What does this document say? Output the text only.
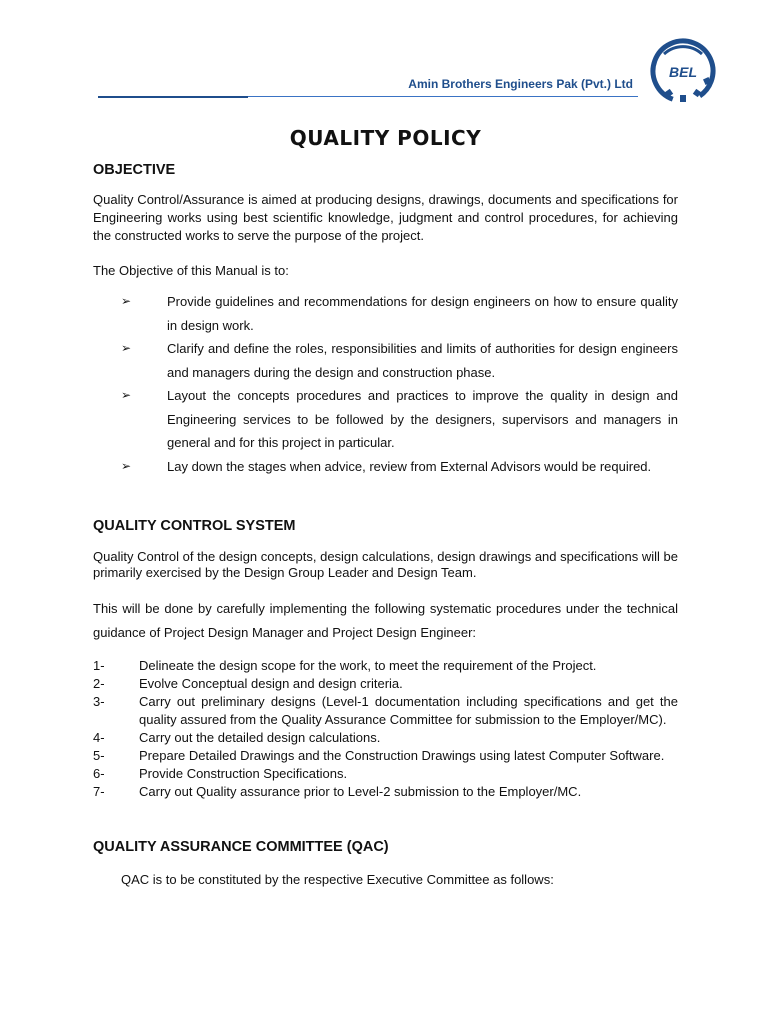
Amin Brothers Engineers Pak (Pvt.) Ltd
BEL
QUALITY POLICY
OBJECTIVE

Quality Control/Assurance is aimed at producing designs, drawings, documents and specifications for Engineering works using best scientific knowledge, judgment and control procedures, for achieving the constructed works to serve the purpose of the project.

The Objective of this Manual is to:

➢	Provide guidelines and recommendations for design engineers on how to ensure quality in design work.
➢	Clarify and define the roles, responsibilities and limits of authorities for design engineers and managers during the design and construction phase.
➢	Layout the concepts procedures and practices to improve the quality in design and Engineering services to be followed by the designers, supervisors and managers in general and for this project in particular.
➢	Lay down the stages when advice, review from External Advisors would be required.
QUALITY CONTROL SYSTEM

Quality Control of the design concepts, design calculations, design drawings and specifications will be primarily exercised by the Design Group Leader and Design Team.

This will be done by carefully implementing the following systematic procedures under the technical guidance of Project Design Manager and Project Design Engineer:

1-	Delineate the design scope for the work, to meet the requirement of the Project.
2-	Evolve Conceptual design and design criteria.
3-	Carry out preliminary designs (Level-1 documentation including specifications and get the quality assured from the Quality Assurance Committee for submission to the Employer/MC).
4-	Carry out the detailed design calculations.
5-	Prepare Detailed Drawings and the Construction Drawings using latest Computer Software.
6-	Provide Construction Specifications.
7-	Carry out Quality assurance prior to Level-2 submission to the Employer/MC.
QUALITY ASSURANCE COMMITTEE (QAC)

QAC is to be constituted by the respective Executive Committee as follows:
